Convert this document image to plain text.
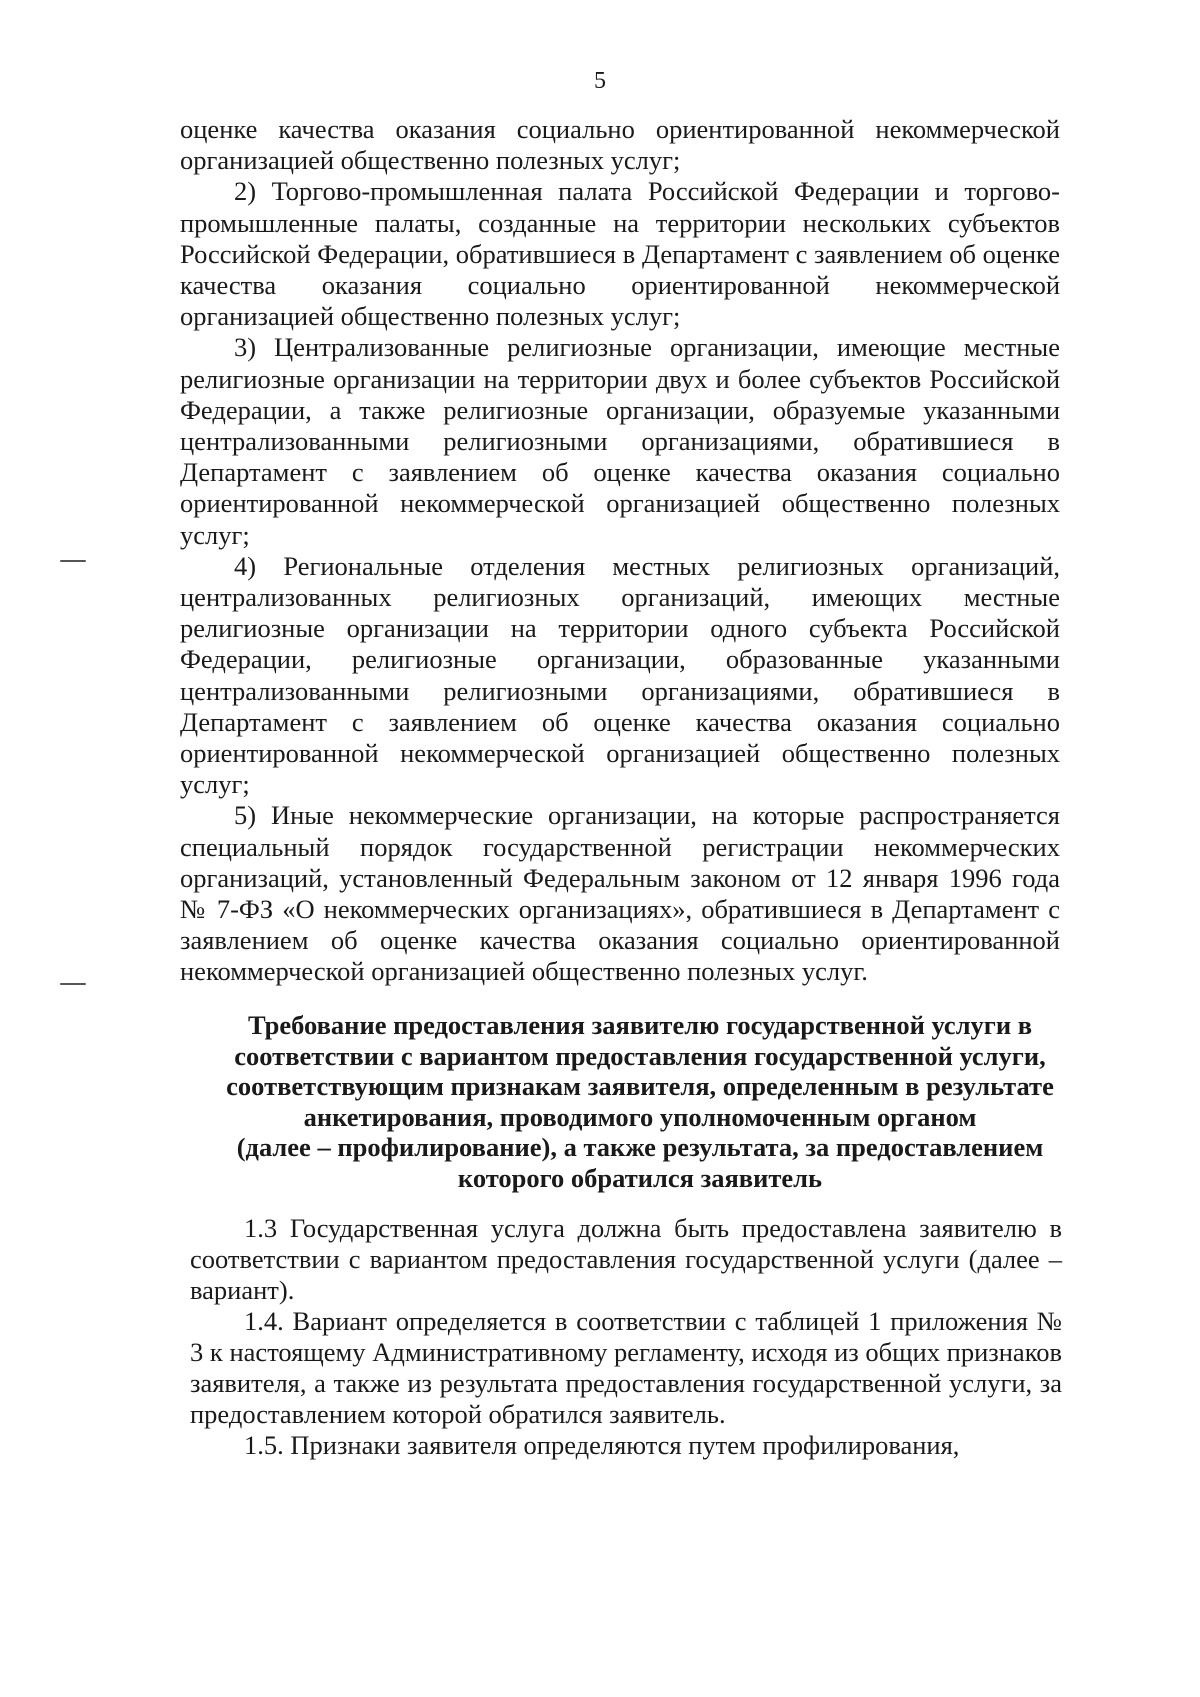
5

оценке качества оказания социально ориентированной некоммерческой организацией общественно полезных услуг;

2) Торгово-промышленная палата Российской Федерации и торгово-промышленные палаты, созданные на территории нескольких субъектов Российской Федерации, обратившиеся в Департамент с заявлением об оценке качества оказания социально ориентированной некоммерческой организацией общественно полезных услуг;

3) Централизованные религиозные организации, имеющие местные религиозные организации на территории двух и более субъектов Российской Федерации, а также религиозные организации, образуемые указанными централизованными религиозными организациями, обратившиеся в Департамент с заявлением об оценке качества оказания социально ориентированной некоммерческой организацией общественно полезных услуг;

4) Региональные отделения местных религиозных организаций, централизованных религиозных организаций, имеющих местные религиозные организации на территории одного субъекта Российской Федерации, религиозные организации, образованные указанными централизованными религиозными организациями, обратившиеся в Департамент с заявлением об оценке качества оказания социально ориентированной некоммерческой организацией общественно полезных услуг;

5) Иные некоммерческие организации, на которые распространяется специальный порядок государственной регистрации некоммерческих организаций, установленный Федеральным законом от 12 января 1996 года № 7-ФЗ «О некоммерческих организациях», обратившиеся в Департамент с заявлением об оценке качества оказания социально ориентированной некоммерческой организацией общественно полезных услуг.

Требование предоставления заявителю государственной услуги в
соответствии с вариантом предоставления государственной услуги,
соответствующим признакам заявителя, определенным в результате
анкетирования, проводимого уполномоченным органом
(далее – профилирование), а также результата, за предоставлением
которого обратился заявитель

1.3 Государственная услуга должна быть предоставлена заявителю в соответствии с вариантом предоставления государственной услуги (далее – вариант).

1.4. Вариант определяется в соответствии с таблицей 1 приложения № 3 к настоящему Административному регламенту, исходя из общих признаков заявителя, а также из результата предоставления государственной услуги, за предоставлением которой обратился заявитель.

1.5. Признаки заявителя определяются путем профилирования,
